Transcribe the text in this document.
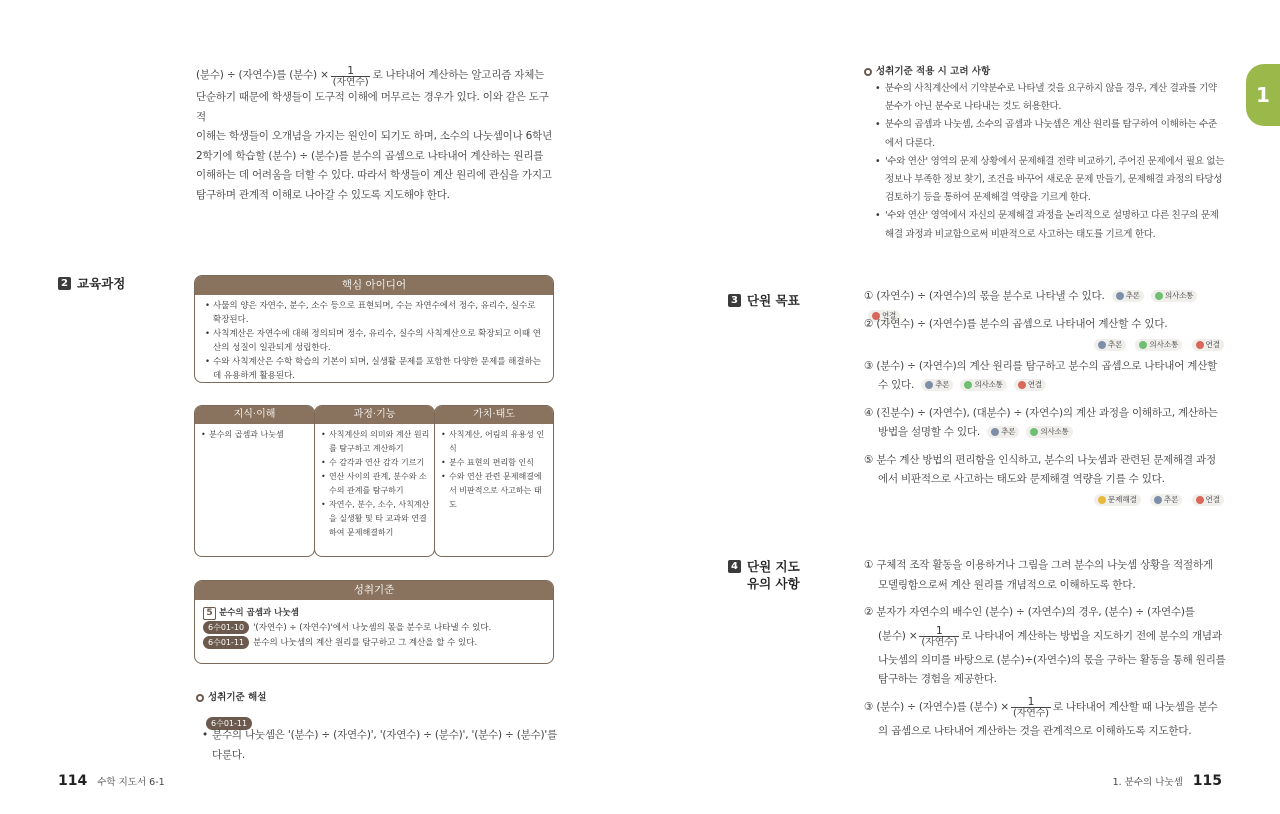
(분수) ÷ (자연수)를 (분수) × $\frac{1}{\text{(자연수)}}$ 로 나타내어 계산하는 알고리즘 자체는
단순하기 때문에 학생들이 도구적 이해에 머무르는 경우가 있다. 이와 같은 도구적
이해는 학생들이 오개념을 가지는 원인이 되기도 하며, 소수의 나눗셈이나 6학년
2학기에 학습할 (분수) ÷ (분수)를 분수의 곱셈으로 나타내어 계산하는 원리를
이해하는 데 어려움을 더할 수 있다. 따라서 학생들이 계산 원리에 관심을 가지고
탐구하며 관계적 이해로 나아갈 수 있도록 지도해야 한다.
2 교육과정	핵심 아이디어
• 사물의 양은 자연수, 분수, 소수 등으로 표현되며, 수는 자연수에서 정수, 유리수, 실수로 확장된다.
• 사칙계산은 자연수에 대해 정의되며 정수, 유리수, 실수의 사칙계산으로 확장되고 이때 연산의 성질이 일관되게 성립한다.
• 수와 사칙계산은 수학 학습의 기본이 되며, 실생활 문제를 포함한 다양한 문제를 해결하는 데 유용하게 활용된다.
지식·이해
• 분수의 곱셈과 나눗셈
과정·기능
• 사칙계산의 의미와 계산 원리를 탐구하고 계산하기
• 수 감각과 연산 감각 기르기
• 연산 사이의 관계, 분수와 소수의 관계를 탐구하기
• 자연수, 분수, 소수, 사칙계산을 실생활 및 타 교과와 연결하여 문제해결하기
가치·태도
• 사칙계산, 어림의 유용성 인식
• 분수 표현의 편리함 인식
• 수와 연산 관련 문제해결에서 비판적으로 사고하는 태도
성취기준
5 분수의 곱셈과 나눗셈
6수01-10 '(자연수) ÷ (자연수)'에서 나눗셈의 몫을 분수로 나타낼 수 있다.
6수01-11 분수의 나눗셈의 계산 원리를 탐구하고 그 계산을 할 수 있다.
성취기준 해설
6수01-11
• 분수의 나눗셈은 '(분수) ÷ (자연수)', '(자연수) ÷ (분수)', '(분수) ÷ (분수)'를 다룬다.
114 수학 지도서 6-1
1
성취기준 적용 시 고려 사항
• 분수의 사칙계산에서 기약분수로 나타낼 것을 요구하지 않을 경우, 계산 결과를 기약분수가 아닌 분수로 나타내는 것도 허용한다.
• 분수의 곱셈과 나눗셈, 소수의 곱셈과 나눗셈은 계산 원리를 탐구하여 이해하는 수준에서 다룬다.
• '수와 연산' 영역의 문제 상황에서 문제해결 전략 비교하기, 주어진 문제에서 필요 없는 정보나 부족한 정보 찾기, 조건을 바꾸어 새로운 문제 만들기, 문제해결 과정의 타당성 검토하기 등을 통하여 문제해결 역량을 기르게 한다.
• '수와 연산' 영역에서 자신의 문제해결 과정을 논리적으로 설명하고 다른 친구의 문제해결 과정과 비교함으로써 비판적으로 사고하는 태도를 기르게 한다.
3 단원 목표	① (자연수) ÷ (자연수)의 몫을 분수로 나타낼 수 있다.	추론
	의사소통

연결
② (자연수) ÷ (자연수)를 분수의 곱셈으로 나타내어 계산할 수 있다.
추론
	의사소통
	연결
③ (분수) ÷ (자연수)의 계산 원리를 탐구하고 분수의 곱셈으로 나타내어 계산할
수 있다.	추론
	의사소통
	연결
④ (진분수) ÷ (자연수), (대분수) ÷ (자연수)의 계산 과정을 이해하고, 계산하는
방법을 설명할 수 있다.	추론
	의사소통
⑤ 분수 계산 방법의 편리함을 인식하고, 분수의 나눗셈과 관련된 문제해결 과정
에서 비판적으로 사고하는 태도와 문제해결 역량을 기를 수 있다.
문제해결
	추론
	연결
4 단원 지도
유의 사항
① 구체적 조작 활동을 이용하거나 그림을 그려 분수의 나눗셈 상황을 적절하게
모델링함으로써 계산 원리를 개념적으로 이해하도록 한다.
② 분자가 자연수의 배수인 (분수) ÷ (자연수)의 경우, (분수) ÷ (자연수)를
(분수) × $\frac{1}{\text{(자연수)}}$ 로 나타내어 계산하는 방법을 지도하기 전에 분수의 개념과
나눗셈의 의미를 바탕으로 (분수)÷(자연수)의 몫을 구하는 활동을 통해 원리를
탐구하는 경험을 제공한다.
③
(분수) ÷ (자연수)를 (분수) × $\frac{1}{\text{(자연수)}}$ 로 나타내어 계산할 때 나눗셈을 분수
의 곱셈으로 나타내어 계산하는 것을 관계적으로 이해하도록 지도한다.
1. 분수의 나눗셈 115
